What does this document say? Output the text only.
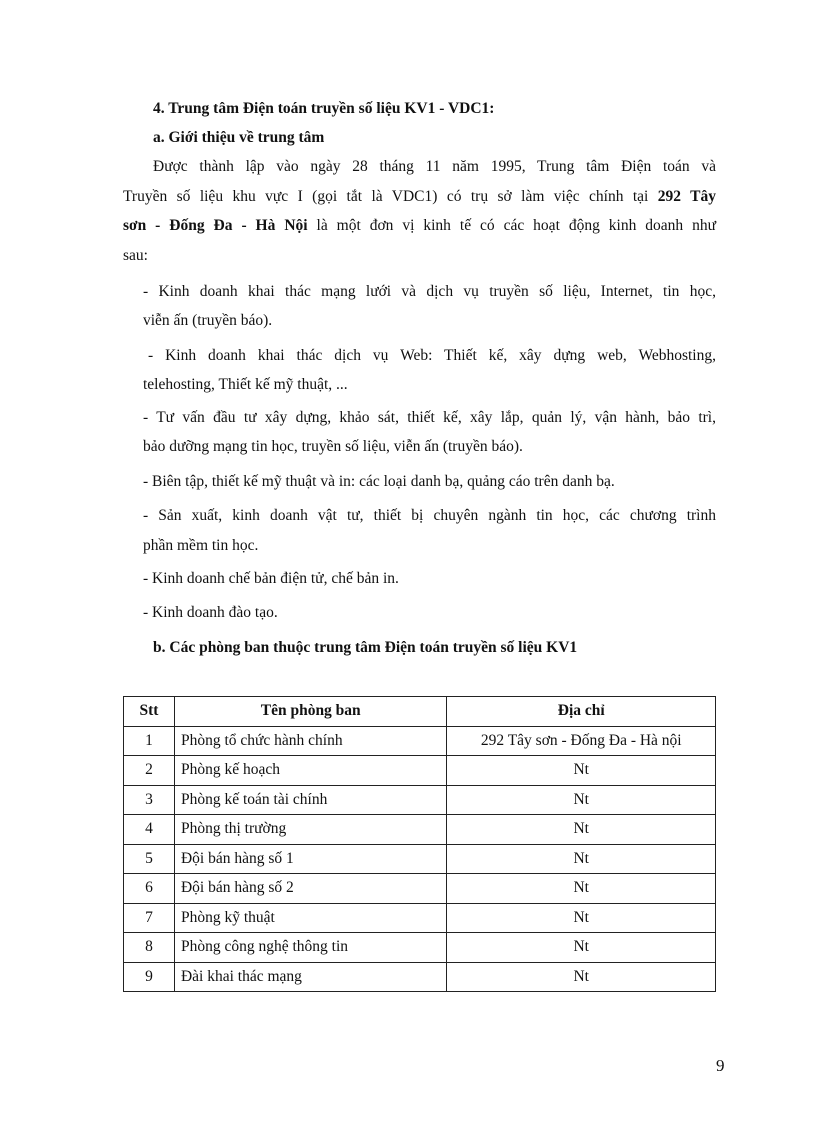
4. Trung tâm Điện toán truyền số liệu KV1 - VDC1:
a. Giới thiệu về trung tâm
Được thành lập vào ngày 28 tháng 11 năm 1995, Trung tâm Điện toán và
Truyền số liệu khu vực I (gọi tắt là VDC1) có trụ sở làm việc chính tại 292 Tây
sơn - Đống Đa - Hà Nội là một đơn vị kinh tế có các hoạt động kinh doanh như
sau:
- Kinh doanh khai thác mạng lưới và dịch vụ truyền số liệu, Internet, tin học,
viễn ấn (truyền báo).
- Kinh doanh khai thác dịch vụ Web: Thiết kế, xây dựng web, Webhosting,
telehosting, Thiết kế mỹ thuật, ...
- Tư vấn đầu tư xây dựng, khảo sát, thiết kế, xây lắp, quản lý, vận hành, bảo trì,
bảo dưỡng mạng tin học, truyền số liệu, viễn ấn (truyền báo).
- Biên tập, thiết kế mỹ thuật và in: các loại danh bạ, quảng cáo trên danh bạ.
- Sản xuất, kinh doanh vật tư, thiết bị chuyên ngành tin học, các chương trình
phần mềm tin học.
- Kinh doanh chế bản điện tử, chế bản in.
- Kinh doanh đào tạo.
b. Các phòng ban thuộc trung tâm Điện toán truyền số liệu KV1
Stt	Tên phòng ban	Địa chỉ
1	Phòng tổ chức hành chính	292 Tây sơn - Đống Đa - Hà nội
2	Phòng kế hoạch	Nt
3	Phòng kế toán tài chính	Nt
4	Phòng thị trường	Nt
5	Đội bán hàng số 1	Nt
6	Đội bán hàng số 2	Nt
7	Phòng kỹ thuật	Nt
8	Phòng công nghệ thông tin	Nt
9	Đài khai thác mạng	Nt
9
